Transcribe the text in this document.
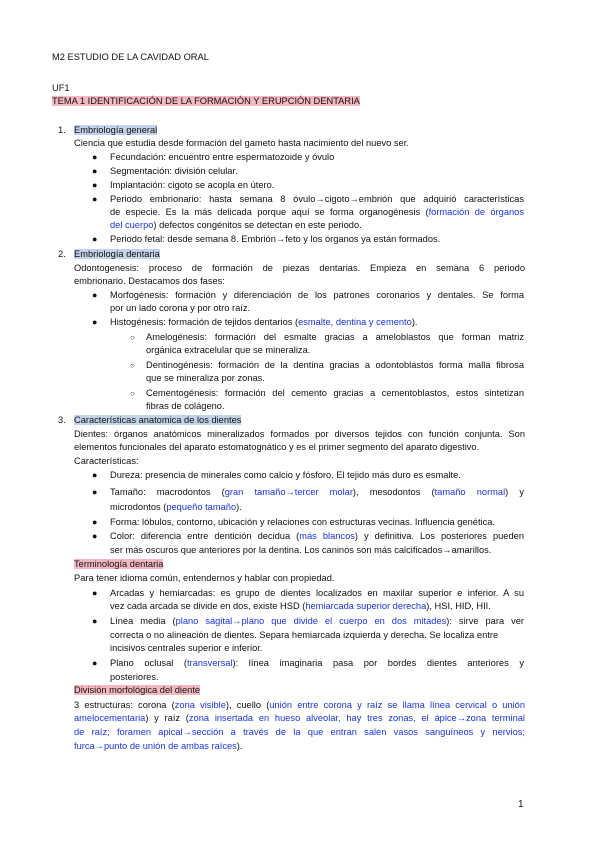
M2 ESTUDIO DE LA CAVIDAD ORAL
UF1
TEMA 1 IDENTIFICACIÓN DE LA FORMACIÓN Y ERUPCIÓN DENTARIA
1. Embriología general
Ciencia que estudia desde formación del gameto hasta nacimiento del nuevo ser.
● Fecundación: encuentro entre espermatozoide y óvulo
● Segmentación: división celular.
● Implantación: cigoto se acopla en útero.
● Periodo embrionario: hasta semana 8 óvulo→cigoto→embrión que adquirió características
de especie. Es la más delicada porque aquí se forma organogénesis (formación de órganos
del cuerpo) defectos congénitos se detectan en este periodo.
● Periodo fetal: desde semana 8. Embrión→feto y los órganos ya están formados.
2. Embriología dentaria
Odontogenesis: proceso de formación de piezas dentarias. Empieza en semana 6 periodo
embrionario. Destacamos dos fases:
● Morfogénesis: formación y diferenciación de los patrones coronarios y dentales. Se forma
por un lado corona y por otro raíz.
● Histogénesis: formación de tejidos dentarios (esmalte, dentina y cemento).
○ Amelogénesis: formación del esmalte gracias a ameloblastos que forman matriz
orgánica extracelular que se mineraliza.
○ Dentinogénesis: formación de la dentina gracias a odontoblastos forma malla fibrosa
que se mineraliza por zonas.
○ Cementogénesis: formación del cemento gracias a cementoblastos, estos sintetizan
fibras de colágeno.
3. Características anatomica de los dientes
Dientes: órganos anatómicos mineralizados formados por diversos tejidos con función conjunta. Son
elementos funcionales del aparato estomatognático y es el primer segmento del aparato digestivo.
Características:
● Dureza: presencia de minerales como calcio y fósforo. El tejido más duro es esmalte.
● Tamaño: macrodontos (gran tamaño→tercer molar), mesodontos (tamaño normal) y
microdontos (pequeño tamaño).
● Forma: lóbulos, contorno, ubicación y relaciones con estructuras vecinas. Influencia genética.
● Color: diferencia entre dentición decidua (más blancos) y definitiva. Los posteriores pueden
ser más oscuros que anteriores por la dentina. Los caninos son más calcificados→amarillos.
Terminología dentaria
Para tener idioma común, entendernos y hablar con propiedad.
● Arcadas y hemiarcadas: es grupo de dientes localizados en maxilar superior e inferior. A su
vez cada arcada se divide en dos, existe HSD (hemiarcada superior derecha), HSI, HID, HII.
● Línea media (plano sagital→plano que divide el cuerpo en dos mitades): sirve para ver
correcta o no alineación de dientes. Separa hemiarcada izquierda y derecha. Se localiza entre
incisivos centrales superior e inferior.
● Plano oclusal (transversal): línea imaginaria pasa por bordes dientes anteriores y
posteriores.
División morfológica del diente
3 estructuras: corona (zona visible), cuello (unión entre corona y raíz se llama línea cervical o unión
amelocementaria) y raíz (zona insertada en hueso alveolar, hay tres zonas, el ápice→zona terminal
de raíz; foramen apical→sección a través de la que entran salen vasos sanguíneos y nervios;
furca→punto de unión de ambas raíces).
1
